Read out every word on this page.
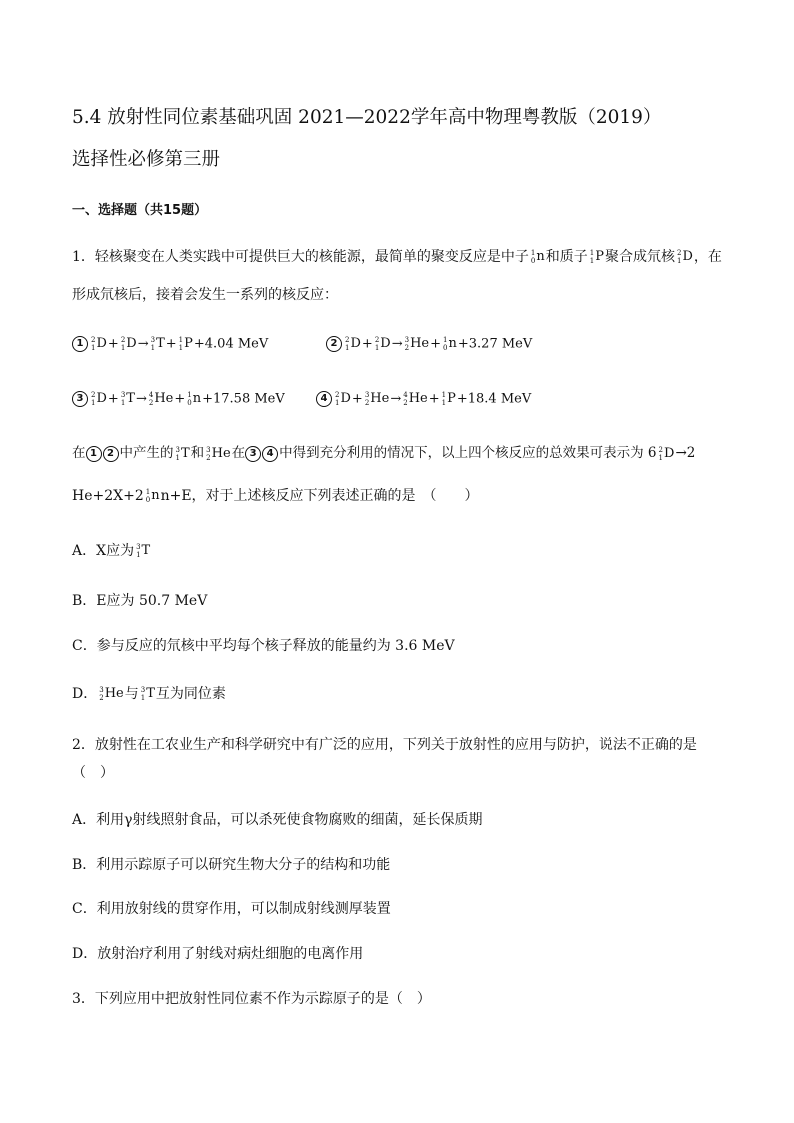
5.4 放射性同位素基础巩固 2021—2022学年高中物理粤教版（2019）
选择性必修第三册
一、选择题（共15题）
1．轻核聚变在人类实践中可提供巨大的核能源，最简单的聚变反应是中子 1
0 n和质子 1
1 P聚合成氘核 2
1 D，在
形成氘核后，接着会发生一系列的核反应：
1 2
1 D+ 2
1 D→ 3
1 T+ 1
1 P+4.04 MeV	2 2
1 D+ 2
1 D→ 3
2 He+ 1
0 n+3.27 MeV
3 2
1 D+ 3
1 T→ 4
2 He+ 1
0 n+17.58 MeV	4 2
1 D+ 3
2 He→ 4
2 He+ 1
1 P+18.4 MeV
在 1 2 中产生的 3
1 T和 3
2 He在 3 4 中得到充分利用的情况下，以上四个核反应的总效果可表示为 6 2
1 D→2
He+2X+2 1
0 nn+E，对于上述核反应下列表述正确的是　（　　）
A．X应为 3
1 T
B．E应为 50.7 MeV
C．参与反应的氘核中平均每个核子释放的能量约为 3.6 MeV
D． 3
2 He与 3
1 T互为同位素
2．放射性在工农业生产和科学研究中有广泛的应用，下列关于放射性的应用与防护，说法不正确的是
（　）
A．利用γ射线照射食品，可以杀死使食物腐败的细菌，延长保质期
B．利用示踪原子可以研究生物大分子的结构和功能
C．利用放射线的贯穿作用，可以制成射线测厚装置
D．放射治疗利用了射线对病灶细胞的电离作用
3．下列应用中把放射性同位素不作为示踪原子的是（　）
